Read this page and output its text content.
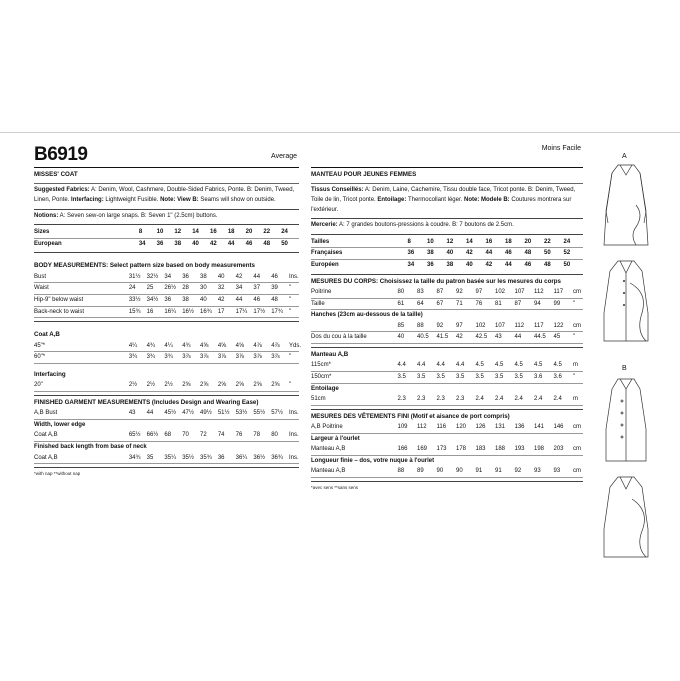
B6919	Average
MISSES' COAT
Suggested Fabrics: A: Denim, Wool, Cashmere, Double-Sided Fabrics, Ponte. B: Denim, Tweed, Linen, Ponte. Interfacing: Lightweight Fusible. Note: View B: Seams will show on outside.
Notions: A: Seven sew-on large snaps. B: Seven 1" (2.5cm) buttons.
Sizes	8	10	12	14	16	18	20	22	24
European	34	36	38	40	42	44	46	48	50
BODY MEASUREMENTS: Select pattern size based on body measurements
Bust	31½	32½	34	36	38	40	42	44	46	Ins.
Waist	24	25	26½	28	30	32	34	37	39	"
Hip-9" below waist	33½	34½	36	38	40	42	44	46	48	"
Back-neck to waist	15¾	16	16¼	16½	16¾	17	17¼	17½	17¾	"
Coat A,B
45"*	4¼	4¾	4¼	4¾	4⅝	4⅝	4⅝	4⅞	4⅞	Yds.
60"*	3¾	3¾	3¾	3⅞	3⅞	3⅞	3⅞	3⅞	3⅞	"
Interfacing
20"	2½	2½	2½	2⅝	2⅝	2⅝	2⅝	2⅝	2⅝	"
FINISHED GARMENT MEASUREMENTS (Includes Design and Wearing Ease)
A,B Bust	43	44	45½	47½	49½	51½	53½	55½	57½	Ins.
Width, lower edge
Coat A,B	65½	66½	68	70	72	74	76	78	80	Ins.
Finished back length from base of neck
Coat A,B	34¾	35	35¼	35½	35¾	36	36¼	36½	36¾	Ins.
*with nap **without nap
Moins Facile
MANTEAU POUR JEUNES FEMMES
Tissus Conseillés: A: Denim, Laine, Cachemire, Tissu double face, Tricot ponte. B: Denim, Tweed, Toile de lin, Tricot ponte. Entoilage: Thermocollant léger. Note: Modele B: Coutures montrera sur l'extérieur.
Mercerie: A: 7 grandes boutons-pressions à coudre. B: 7 boutons de 2.5cm.
Tailles	8	10	12	14	16	18	20	22	24
Françaises	36	38	40	42	44	46	48	50	52
Européen	34	36	38	40	42	44	46	48	50
MESURES DU CORPS: Choisissez la taille du patron basée sur les mesures du corps
Poitrine	80	83	87	92	97	102	107	112	117	cm
Taille	61	64	67	71	76	81	87	94	99	"
Hanches (23cm au-dessous de la taille)
85	88	92	97	102	107	112	117	122	cm
Dos du cou à la taille	40	40.5	41.5	42	42.5	43	44	44.5	45	"
Manteau A,B
115cm*	4.4	4.4	4.4	4.4	4.5	4.5	4.5	4.5	4.5	m
150cm*	3.5	3.5	3.5	3.5	3.5	3.5	3.5	3.6	3.6	"
Entoilage
51cm	2.3	2.3	2.3	2.3	2.4	2.4	2.4	2.4	2.4	m
MESURES DES VÊTEMENTS FINI (Motif et aisance de port compris)
A,B Poitrine	109	112	116	120	126	131	136	141	146	cm
Largeur à l'ourlet
Manteau A,B	166	169	173	178	183	188	193	198	203	cm
Longueur finie – dos, votre nuque à l'ourlet
Manteau A,B	88	89	90	90	91	91	92	93	93	cm
*avec sens **sans sens
A
B
